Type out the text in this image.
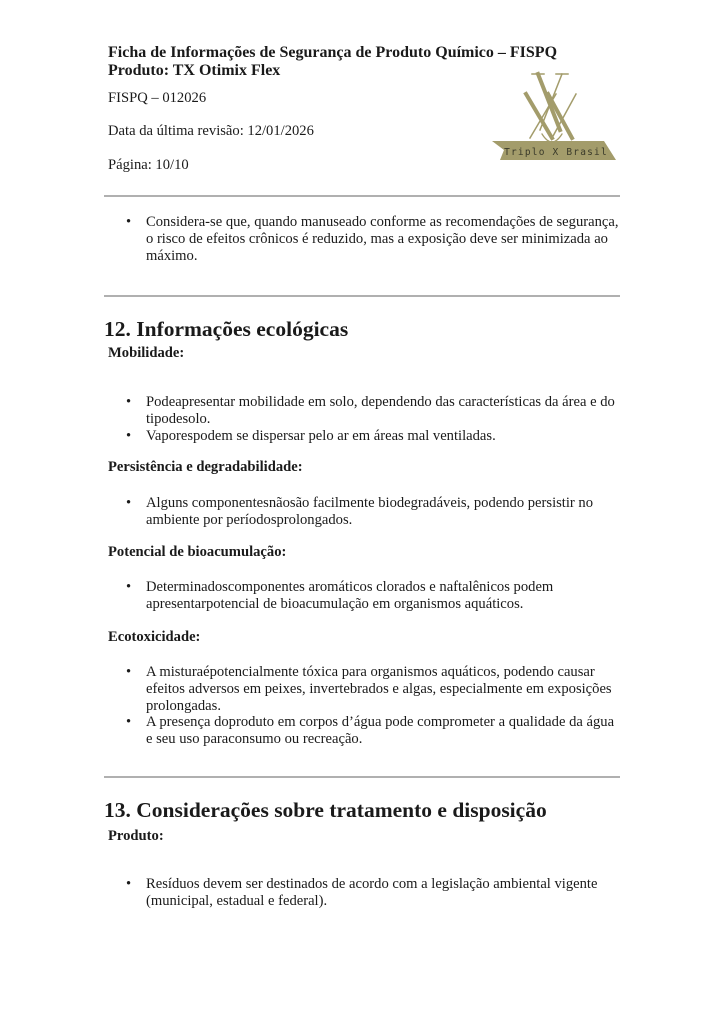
Ficha de Informações de Segurança de Produto Químico – FISPQ
Produto: TX Otimix Flex
FISPQ – 012026
Data da última revisão: 12/01/2026
Página: 10/10
Triplo X Brasil
• Considera-se que, quando manuseado conforme as recomendações de segurança, o risco de efeitos crônicos é reduzido, mas a exposição deve ser minimizada ao máximo.
12. Informações ecológicas
Mobilidade:
• Podeapresentar mobilidade em solo, dependendo das características da área e do tipodesolo.
• Vaporespodem se dispersar pelo ar em áreas mal ventiladas.
Persistência e degradabilidade:
• Alguns componentesnãosão facilmente biodegradáveis, podendo persistir no ambiente por períodosprolongados.
Potencial de bioacumulação:
• Determinadoscomponentes aromáticos clorados e naftalênicos podem apresentarpotencial de bioacumulação em organismos aquáticos.
Ecotoxicidade:
• A misturaépotencialmente tóxica para organismos aquáticos, podendo causar efeitos adversos em peixes, invertebrados e algas, especialmente em exposições prolongadas.
• A presença doproduto em corpos d’água pode comprometer a qualidade da água e seu uso paraconsumo ou recreação.
13. Considerações sobre tratamento e disposição
Produto:
• Resíduos devem ser destinados de acordo com a legislação ambiental vigente (municipal, estadual e federal).
